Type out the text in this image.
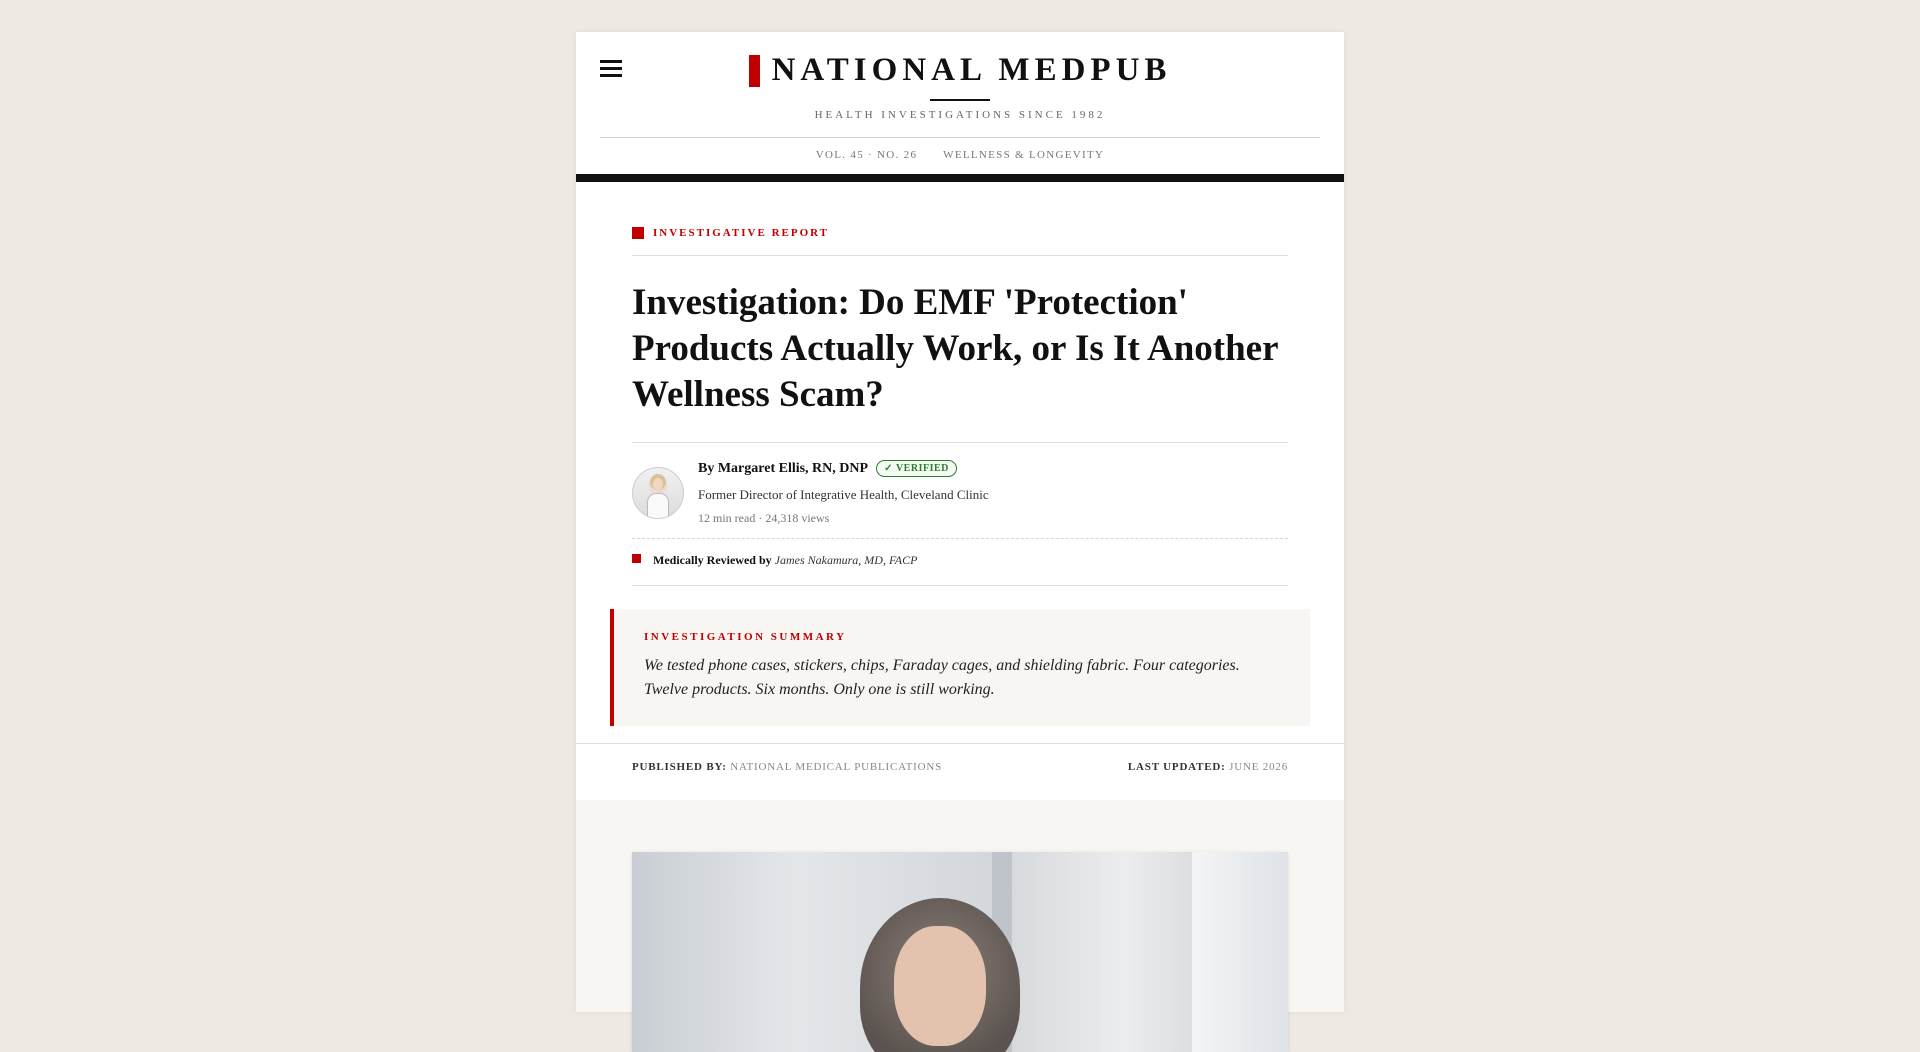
NATIONAL MEDPUB
HEALTH INVESTIGATIONS SINCE 1982
VOL. 45 · NO. 26 WELLNESS & LONGEVITY
INVESTIGATIVE REPORT
Investigation: Do EMF 'Protection' Products Actually Work, or Is It Another Wellness Scam?
By Margaret Ellis, RN, DNP ✓ VERIFIED
Former Director of Integrative Health, Cleveland Clinic
12 min read · 24,318 views
Medically Reviewed by James Nakamura, MD, FACP
INVESTIGATION SUMMARY
We tested phone cases, stickers, chips, Faraday cages, and shielding fabric. Four categories. Twelve products. Six months. Only one is still working.
PUBLISHED BY: NATIONAL MEDICAL PUBLICATIONS	LAST UPDATED: JUNE 2026
